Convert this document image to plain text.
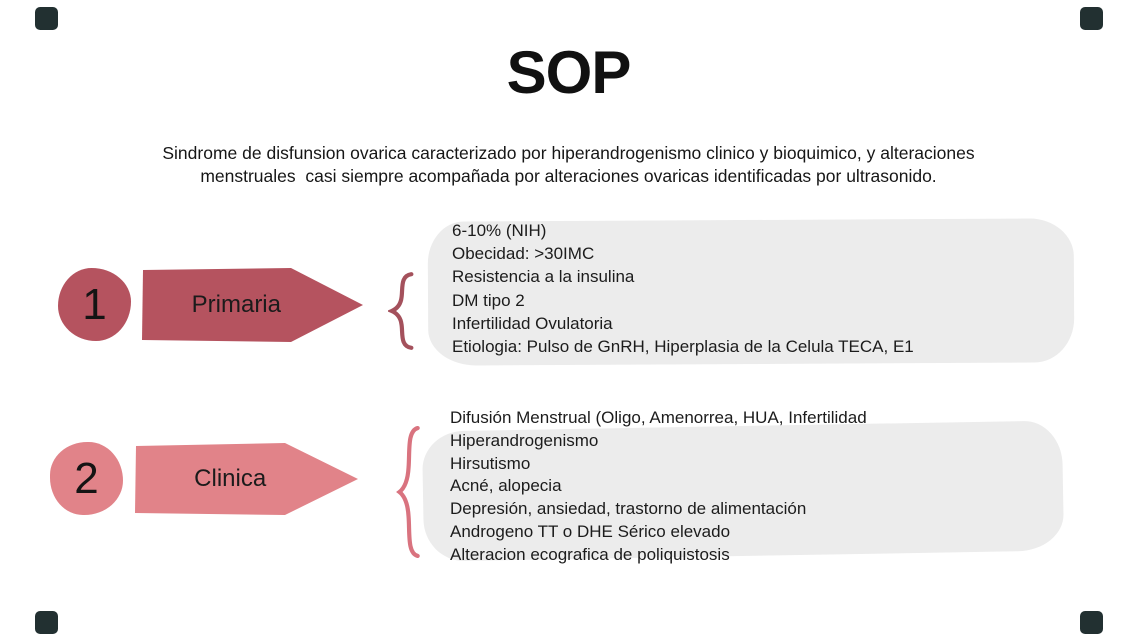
SOP
Sindrome de disfunsion ovarica caracterizado por hiperandrogenismo clinico y bioquimico, y alteraciones
menstruales  casi siempre acompañada por alteraciones ovaricas identificadas por ultrasonido.
6-10% (NIH)
Obecidad: >30IMC
Resistencia a la insulina
DM tipo 2
Infertilidad Ovulatoria
Etiologia: Pulso de GnRH, Hiperplasia de la Celula TECA, E1
1	Primaria
Difusión Menstrual (Oligo, Amenorrea, HUA, Infertilidad
Hiperandrogenismo
Hirsutismo
Acné, alopecia
Depresión, ansiedad, trastorno de alimentación
Androgeno TT o DHE Sérico elevado
Alteracion ecografica de poliquistosis
2	Clinica
